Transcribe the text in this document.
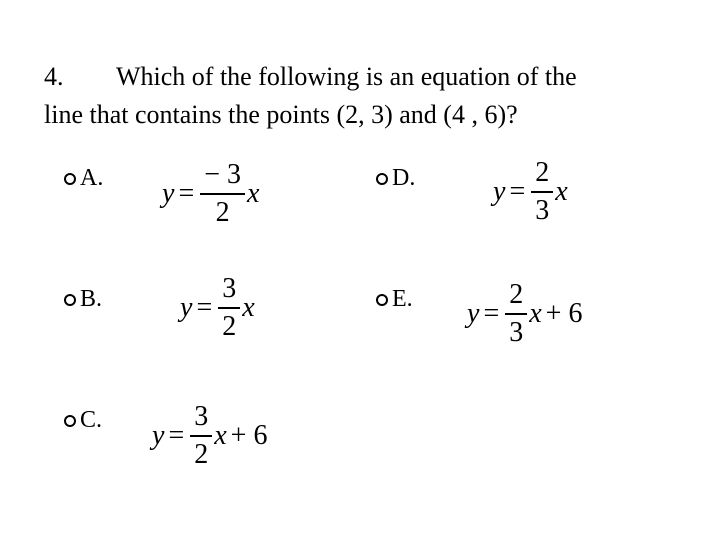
4. Which of the following is an equation of the
line that contains the points (2, 3) and (4 , 6)?
A. $y = \frac{- 3}{2}$ x
B.	$y = \frac{3}{2}$ x
C. $y = \frac{3}{2}$ x + 6
D.	$y = \frac{2}{3}$ x
E. $y = \frac{2}{3}$ x + 6
